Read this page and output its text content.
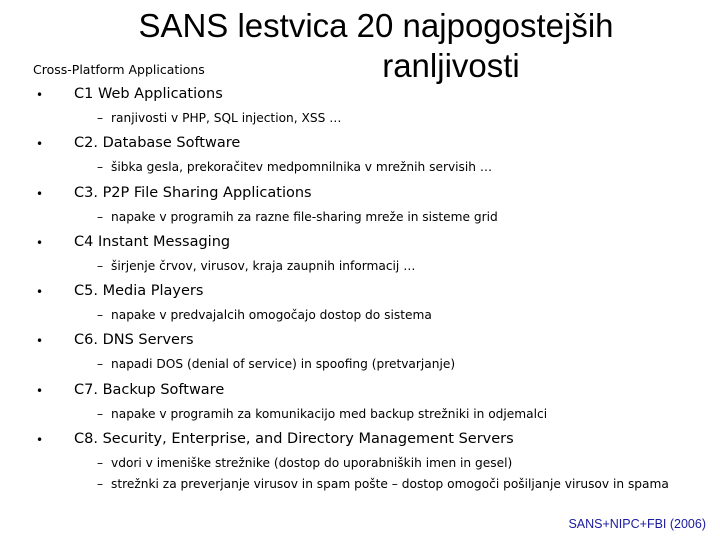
SANS lestvica 20 najpogostejših
ranljivosti
Cross-Platform Applications
• C1 Web Applications
– ranjivosti v PHP, SQL injection, XSS …
• C2. Database Software
– šibka gesla, prekoračitev medpomnilnika v mrežnih servisih …
• C3. P2P File Sharing Applications
– napake v programih za razne file-sharing mreže in sisteme grid
• C4 Instant Messaging
– širjenje črvov, virusov, kraja zaupnih informacij …
• C5. Media Players
– napake v predvajalcih omogočajo dostop do sistema
• C6. DNS Servers
– napadi DOS (denial of service) in spoofing (pretvarjanje)
• C7. Backup Software
– napake v programih za komunikacijo med backup strežniki in odjemalci
• C8. Security, Enterprise, and Directory Management Servers
– vdori v imeniške strežnike (dostop do uporabniških imen in gesel)
– strežnki za preverjanje virusov in spam pošte – dostop omogoči pošiljanje virusov in spama
SANS+NIPC+FBI (2006)
